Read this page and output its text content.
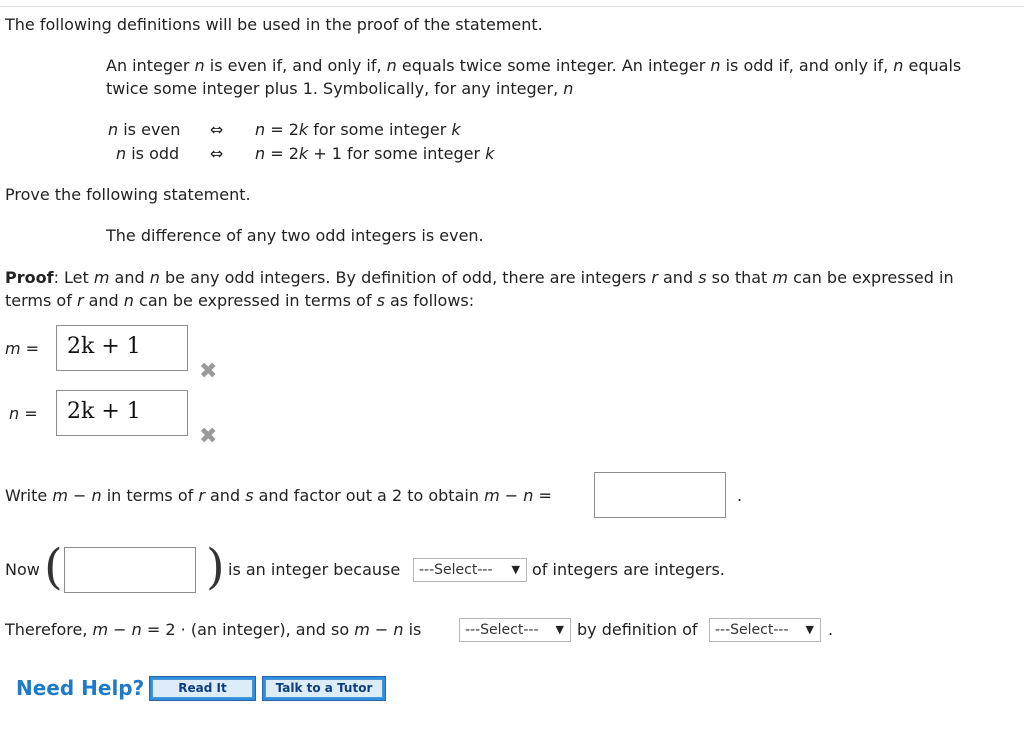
The following definitions will be used in the proof of the statement.
An integer n is even if, and only if, n equals twice some integer. An integer n is odd if, and only if, n equals
twice some integer plus 1. Symbolically, for any integer, n
n is even ⇔ n = 2k for some integer k
n is odd ⇔ n = 2k + 1 for some integer k
Prove the following statement.
The difference of any two odd integers is even.
Proof: Let m and n be any odd integers. By definition of odd, there are integers r and s so that m can be expressed in
terms of r and n can be expressed in terms of s as follows:
m =	2k + 1
✖
n =	2k + 1
✖
Write m − n in terms of r and s and factor out a 2 to obtain m − n =	.
Now (	) is an integer because	---Select--- ▼ of integers are integers.
Therefore, m − n = 2 · (an integer), and so m − n is	---Select--- ▼ by definition of	---Select--- ▼ .
Need Help?	Read It	Talk to a Tutor
